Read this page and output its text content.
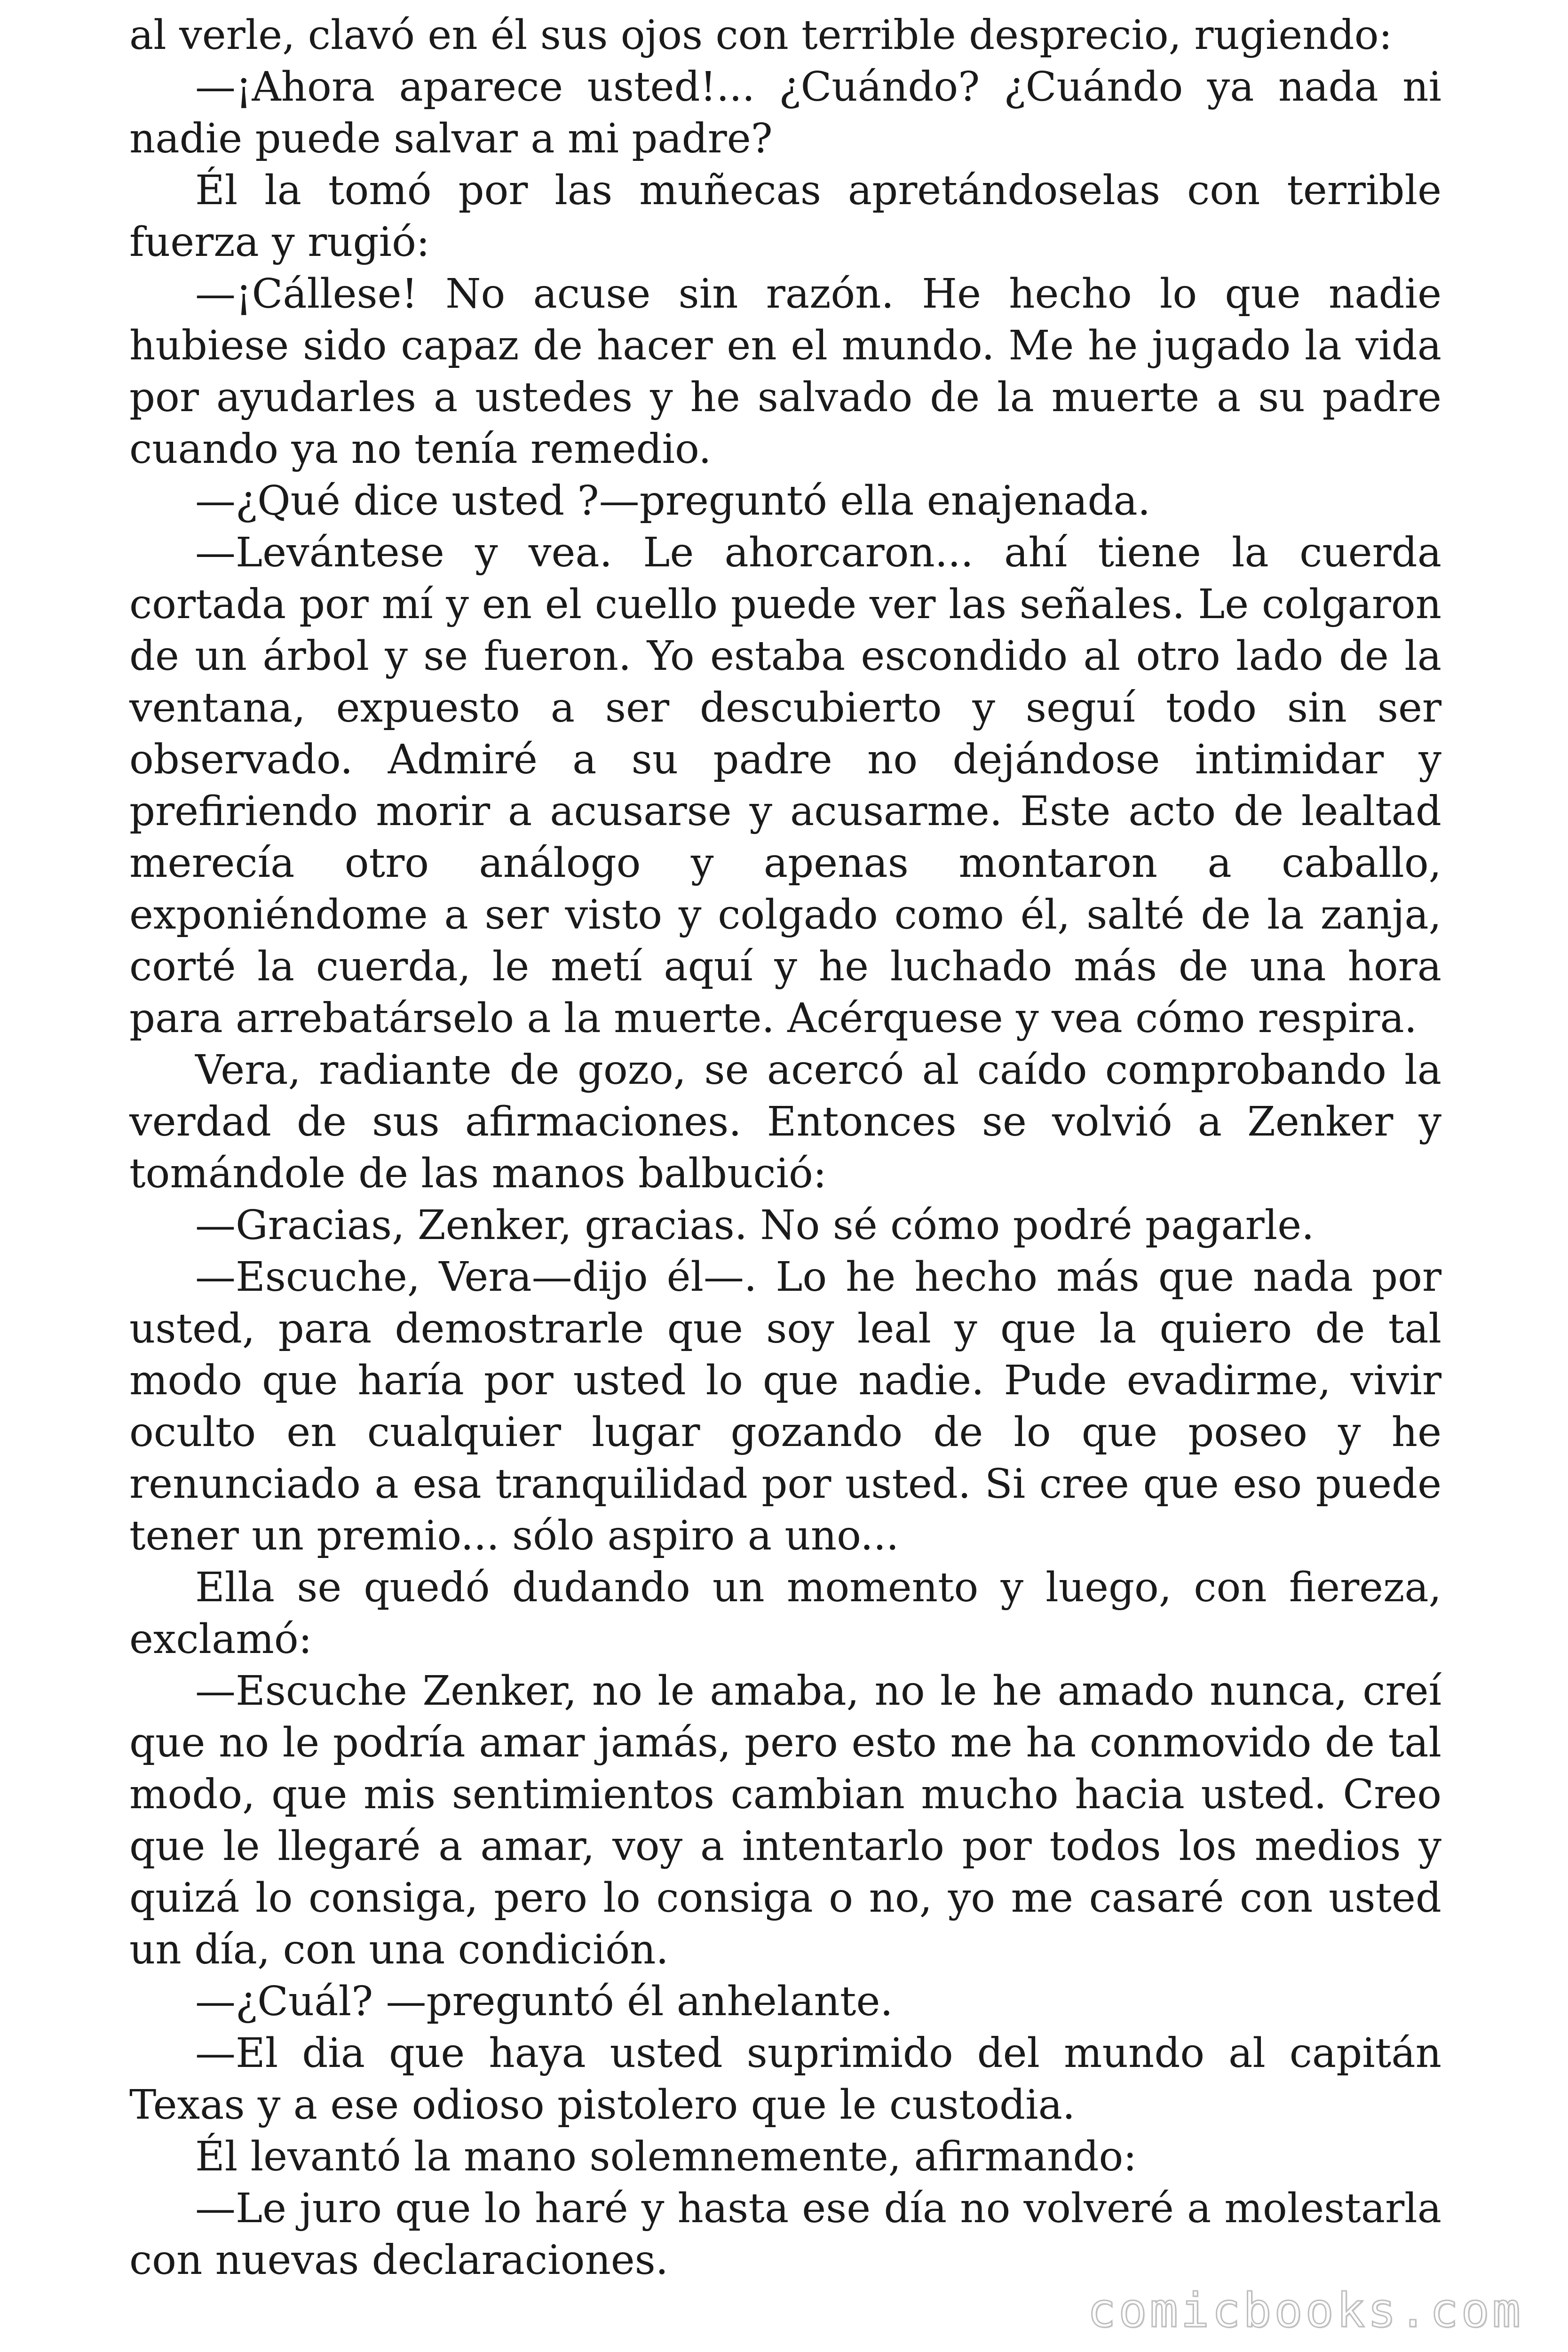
al verle, clavó en él sus ojos con terrible desprecio, rugiendo:

—¡Ahora aparece usted!... ¿Cuándo? ¿Cuándo ya nada ni nadie puede salvar a mi padre?

Él la tomó por las muñecas apretándoselas con terrible fuerza y rugió:

—¡Cállese! No acuse sin razón. He hecho lo que nadie hubiese sido capaz de hacer en el mundo. Me he jugado la vida por ayudarles a ustedes y he salvado de la muerte a su padre cuando ya no tenía remedio.

—¿Qué dice usted ?—preguntó ella enajenada.

—Levántese y vea. Le ahorcaron... ahí tiene la cuerda cortada por mí y en el cuello puede ver las señales. Le colgaron de un árbol y se fueron. Yo estaba escondido al otro lado de la ventana, expuesto a ser descubierto y seguí todo sin ser observado. Admiré a su padre no dejándose intimidar y prefiriendo morir a acusarse y acusarme. Este acto de lealtad merecía otro análogo y apenas montaron a caballo, exponiéndome a ser visto y colgado como él, salté de la zanja, corté la cuerda, le metí aquí y he luchado más de una hora para arrebatárselo a la muerte. Acérquese y vea cómo respira.

Vera, radiante de gozo, se acercó al caído comprobando la verdad de sus afirmaciones. Entonces se volvió a Zenker y tomándole de las manos balbució:

—Gracias, Zenker, gracias. No sé cómo podré pagarle.

—Escuche, Vera—dijo él—. Lo he hecho más que nada por usted, para demostrarle que soy leal y que la quiero de tal modo que haría por usted lo que nadie. Pude evadirme, vivir oculto en cualquier lugar gozando de lo que poseo y he renunciado a esa tranquilidad por usted. Si cree que eso puede tener un premio... sólo aspiro a uno...

Ella se quedó dudando un momento y luego, con fiereza, exclamó:

—Escuche Zenker, no le amaba, no le he amado nunca, creí que no le podría amar jamás, pero esto me ha conmovido de tal modo, que mis sentimientos cambian mucho hacia usted. Creo que le llegaré a amar, voy a intentarlo por todos los medios y quizá lo consiga, pero lo consiga o no, yo me casaré con usted un día, con una condición.

—¿Cuál? —preguntó él anhelante.

—El dia que haya usted suprimido del mundo al capitán Texas y a ese odioso pistolero que le custodia.

Él levantó la mano solemnemente, afirmando:

—Le juro que lo haré y hasta ese día no volveré a molestarla con nuevas declaraciones.

comicbooks.com
